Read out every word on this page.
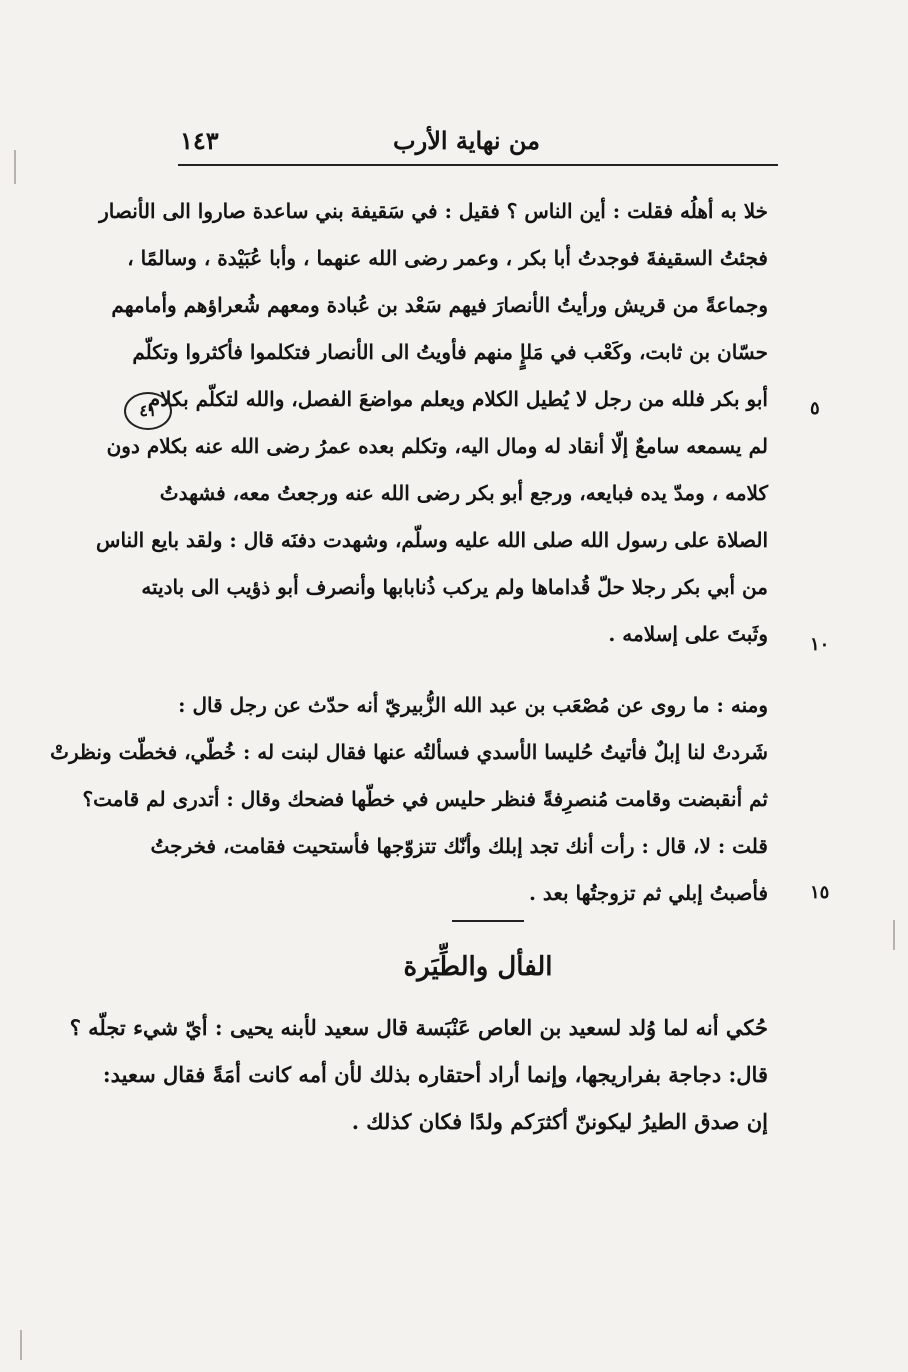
من نهاية الأرب
١٤٣
خلا به أهلُه فقلت : أين الناس ؟ فقيل : في سَقيفة بني ساعدة صاروا الى الأنصار
فجئتُ السقيفةَ فوجدتُ أبا بكر ، وعمر رضى الله عنهما ، وأبا عُبَيْدة ، وسالمًا ،
وجماعةً من قريش ورأيتُ الأنصارَ فيهم سَعْد بن عُبادة ومعهم شُعراؤهم وأمامهم
حسّان بن ثابت، وكَعْب في مَلإٍ منهم فأويتُ الى الأنصار فتكلموا فأكثروا وتكلّم
أبو بكر فلله من رجل لا يُطيل الكلام ويعلم مواضعَ الفصل، والله لتكلّم بكلام
لم يسمعه سامعٌ إلّا أنقاد له ومال اليه، وتكلم بعده عمرُ رضى الله عنه بكلام دون
كلامه ، ومدّ يده فبايعه، ورجع أبو بكر رضى الله عنه ورجعتُ معه، فشهدتُ
الصلاة على رسول الله صلى الله عليه وسلّم، وشهدت دفنَه قال : ولقد بايع الناس
من أبي بكر رجلا حلّ قُداماها ولم يركب ذُنابابها وأنصرف أبو ذؤيب الى باديته
وثَبتَ على إسلامه .
٤١	٥
١٠
١٥
ومنه : ما روى عن مُصْعَب بن عبد الله الزُّبيريّ أنه حدّث عن رجل قال :
شَردتْ لنا إبلٌ فأتيتُ حُليسا الأسدي فسألتُه عنها فقال لبنت له : خُطّي، فخطّت ونظرتْ
ثم أنقبضت وقامت مُنصرِفةً فنظر حليس في خطّها فضحك وقال : أتدرى لم قامت؟
قلت : لا، قال : رأت أنك تجد إبلك وأنّك تتزوّجها فأستحيت فقامت، فخرجتُ
فأصبتُ إبلي ثم تزوجتُها بعد .
الفأل والطِّيَرة
حُكي أنه لما وُلد لسعيد بن العاص عَنْبَسة قال سعيد لأبنه يحيى : أيّ شيء تجلّه ؟
قال: دجاجة بفراريجها، وإنما أراد أحتقاره بذلك لأن أمه كانت أمَةً فقال سعيد:
إن صدق الطيرُ ليكوننّ أكثرَكم ولدًا فكان كذلك .
